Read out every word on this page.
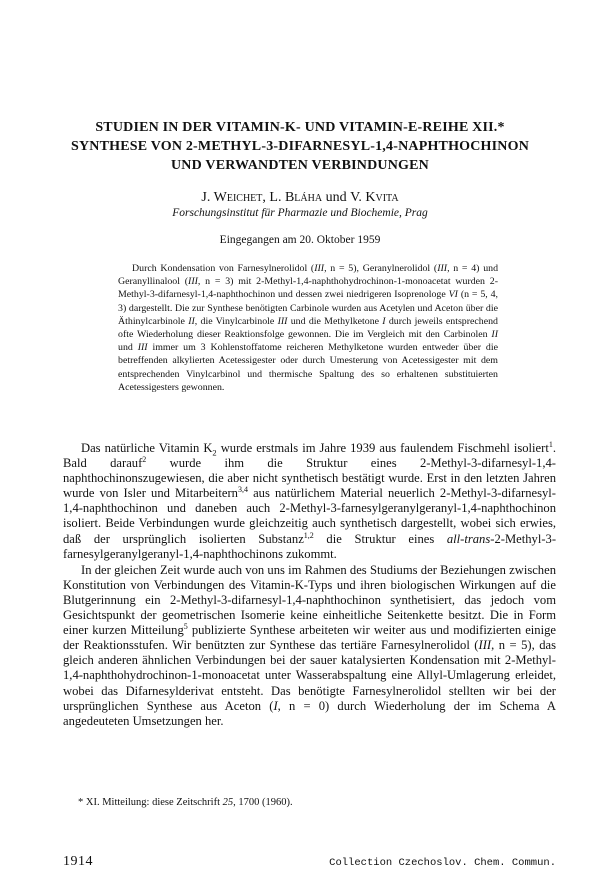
STUDIEN IN DER VITAMIN-K- UND VITAMIN-E-REIHE XII.*
SYNTHESE VON 2-METHYL-3-DIFARNESYL-1,4-NAPHTHOCHINON
UND VERWANDTEN VERBINDUNGEN
J. Weichet, L. Bláha und V. Kvita
Forschungsinstitut für Pharmazie und Biochemie, Prag
Eingegangen am 20. Oktober 1959
Durch Kondensation von Farnesylnerolidol (III, n = 5), Geranylnerolidol (III, n = 4) und Geranyllinalool (III, n = 3) mit 2-Methyl-1,4-naphthohydrochinon-1-monoacetat wurden 2-Methyl-3-difarnesyl-1,4-naphthochinon und dessen zwei niedrigeren Isoprenologe VI (n = 5, 4, 3) dargestellt. Die zur Synthese benötigten Carbinole wurden aus Acetylen und Aceton über die Äthinylcarbinole II, die Vinylcarbinole III und die Methylketone I durch jeweils entsprechend ofte Wiederholung dieser Reaktionsfolge gewonnen. Die im Vergleich mit den Carbinolen II und III immer um 3 Kohlenstoffatome reicheren Methylketone wurden entweder über die betreffenden alkylierten Acetessigester oder durch Umesterung von Acetessigester mit dem entsprechenden Vinylcarbinol und thermische Spaltung des so erhaltenen substituierten Acetessigesters gewonnen.

Das natürliche Vitamin $K_2$ wurde erstmals im Jahre 1939 aus faulendem Fischmehl isoliert$^1$. Bald darauf$^2$ wurde ihm die Struktur eines 2-Methyl-3-difarnesyl-1,4-naphthochinonszugewiesen, die aber nicht synthetisch bestätigt wurde. Erst in den letzten Jahren wurde von Isler und Mitarbeitern$^{3,4}$ aus natürlichem Material neuerlich 2-Methyl-3-difarnesyl-1,4-naphthochinon und daneben auch 2-Methyl-3-farnesylgeranylgeranyl-1,4-naphthochinon isoliert. Beide Verbindungen wurde gleichzeitig auch synthetisch dargestellt, wobei sich erwies, daß der ursprünglich isolierten Substanz$^{1,2}$ die Struktur eines all-trans-2-Methyl-3-farnesylgeranylgeranyl-1,4-naphthochinons zukommt.

In der gleichen Zeit wurde auch von uns im Rahmen des Studiums der Beziehungen zwischen Konstitution von Verbindungen des Vitamin-K-Typs und ihren biologischen Wirkungen auf die Blutgerinnung ein 2-Methyl-3-difarnesyl-1,4-naphthochinon synthetisiert, das jedoch vom Gesichtspunkt der geometrischen Isomerie keine einheitliche Seitenkette besitzt. Die in Form einer kurzen Mitteilung$^5$ publizierte Synthese arbeiteten wir weiter aus und modifizierten einige der Reaktionsstufen. Wir benützten zur Synthese das tertiäre Farnesylnerolidol (III, n = 5), das gleich anderen ähnlichen Verbindungen bei der sauer katalysierten Kondensation mit 2-Methyl-1,4-naphthohydrochinon-1-monoacetat unter Wasserabspaltung eine Allyl-Umlagerung erleidet, wobei das Difarnesylderivat entsteht. Das benötigte Farnesylnerolidol stellten wir bei der ursprünglichen Synthese aus Aceton (I, n = 0) durch Wiederholung der im Schema A angedeuteten Umsetzungen her.

* XI. Mitteilung: diese Zeitschrift 25, 1700 (1960).
1914	Collection Czechoslov. Chem. Commun.
